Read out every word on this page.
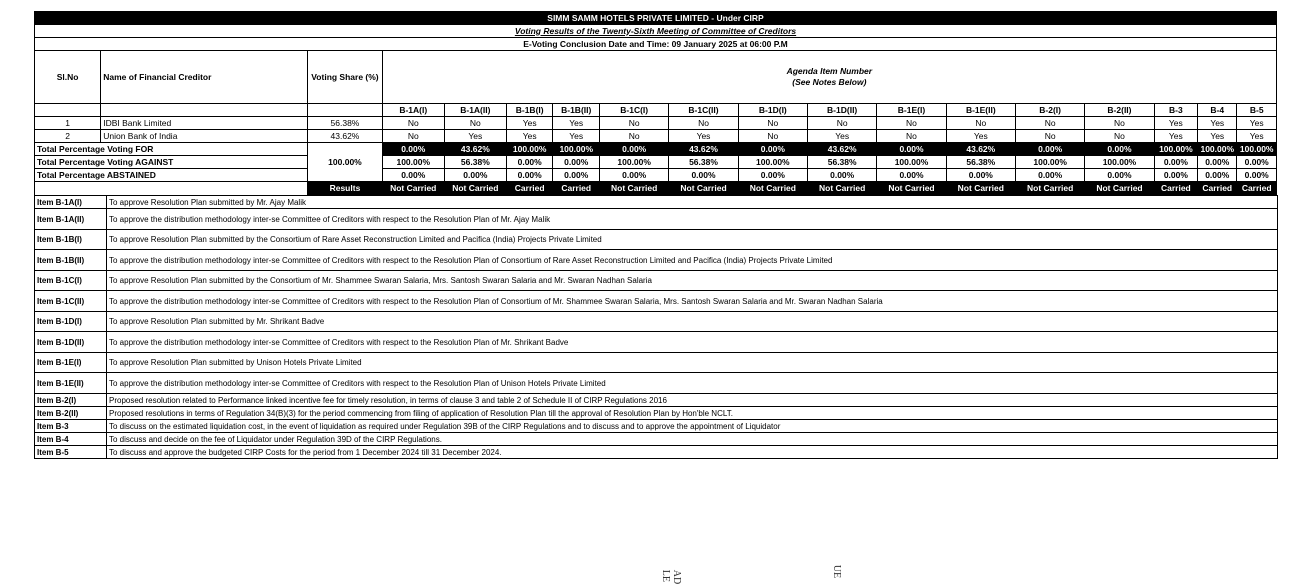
SIMM SAMM HOTELS PRIVATE LIMITED - Under CIRP																	
Voting Results of the Twenty-Sixth Meeting of Committee of Creditors																	
E-Voting Conclusion Date and Time: 09 January 2025 at 06:00 P.M																	
Sl.No	Name of Financial Creditor	Voting Share (%)	Agenda Item Number
(See Notes Below)														
			B-1A(I)	B-1A(II)	B-1B(I)	B-1B(II)	B-1C(I)	B-1C(II)	B-1D(I)	B-1D(II)	B-1E(I)	B-1E(II)	B-2(I)	B-2(II)	B-3	B-4	B-5
1	IDBI Bank Limited	56.38%	No	No	Yes	Yes	No	No	No	No	No	No	No	No	Yes	Yes	Yes
2	Union Bank of India	43.62%	No	Yes	Yes	Yes	No	Yes	No	Yes	No	Yes	No	No	Yes	Yes	Yes
Total Percentage Voting FOR		100.00%	0.00%	43.62%	100.00%	100.00%	0.00%	43.62%	0.00%	43.62%	0.00%	43.62%	0.00%	0.00%	100.00%	100.00%	100.00%
Total Percentage Voting AGAINST			100.00%	56.38%	0.00%	0.00%	100.00%	56.38%	100.00%	56.38%	100.00%	56.38%	100.00%	100.00%	0.00%	0.00%	0.00%
Total Percentage ABSTAINED			0.00%	0.00%	0.00%	0.00%	0.00%	0.00%	0.00%	0.00%	0.00%	0.00%	0.00%	0.00%	0.00%	0.00%	0.00%
		Results	Not Carried	Not Carried	Carried	Carried	Not Carried	Not Carried	Not Carried	Not Carried	Not Carried	Not Carried	Not Carried	Not Carried	Carried	Carried	Carried
Item B-1A(I)	To approve Resolution Plan submitted by Mr. Ajay Malik
Item B-1A(II)	To approve the distribution methodology inter-se Committee of Creditors with respect to the Resolution Plan of Mr. Ajay Malik
Item B-1B(I)	To approve Resolution Plan submitted by the Consortium of Rare Asset Reconstruction Limited and Pacifica (India) Projects Private Limited
Item B-1B(II)	To approve the distribution methodology inter-se Committee of Creditors with respect to the Resolution Plan of Consortium of Rare Asset Reconstruction Limited and Pacifica (India) Projects Private Limited
Item B-1C(I)	To approve Resolution Plan submitted by the Consortium of Mr. Shammee Swaran Salaria, Mrs. Santosh Swaran Salaria and Mr. Swaran Nadhan Salaria
Item B-1C(II)	To approve the distribution methodology inter-se Committee of Creditors with respect to the Resolution Plan of Consortium of Mr. Shammee Swaran Salaria, Mrs. Santosh Swaran Salaria and Mr. Swaran Nadhan Salaria
Item B-1D(I)	To approve Resolution Plan submitted by Mr. Shrikant Badve
Item B-1D(II)	To approve the distribution methodology inter-se Committee of Creditors with respect to the Resolution Plan of Mr. Shrikant Badve
Item B-1E(I)	To approve Resolution Plan submitted by Unison Hotels Private Limited
Item B-1E(II)	To approve the distribution methodology inter-se Committee of Creditors with respect to the Resolution Plan of Unison Hotels Private Limited
Item B-2(I)	Proposed resolution related to Performance linked incentive fee for timely resolution, in terms of clause 3 and table 2 of Schedule II of CIRP Regulations 2016
Item B-2(II)	Proposed resolutions in terms of Regulation 34(B)(3) for the period commencing from filing of application of Resolution Plan till the approval of Resolution Plan by Hon'ble NCLT.
Item B-3	To discuss on the estimated liquidation cost, in the event of liquidation as required under Regulation 39B of the CIRP Regulations and to discuss and to approve the appointment of Liquidator
Item B-4	To discuss and decide on the fee of Liquidator under Regulation 39D of the CIRP Regulations.
Item B-5	To discuss and approve the budgeted CIRP Costs for the period from 1 December 2024 till 31 December 2024.
AD
LE	UE
